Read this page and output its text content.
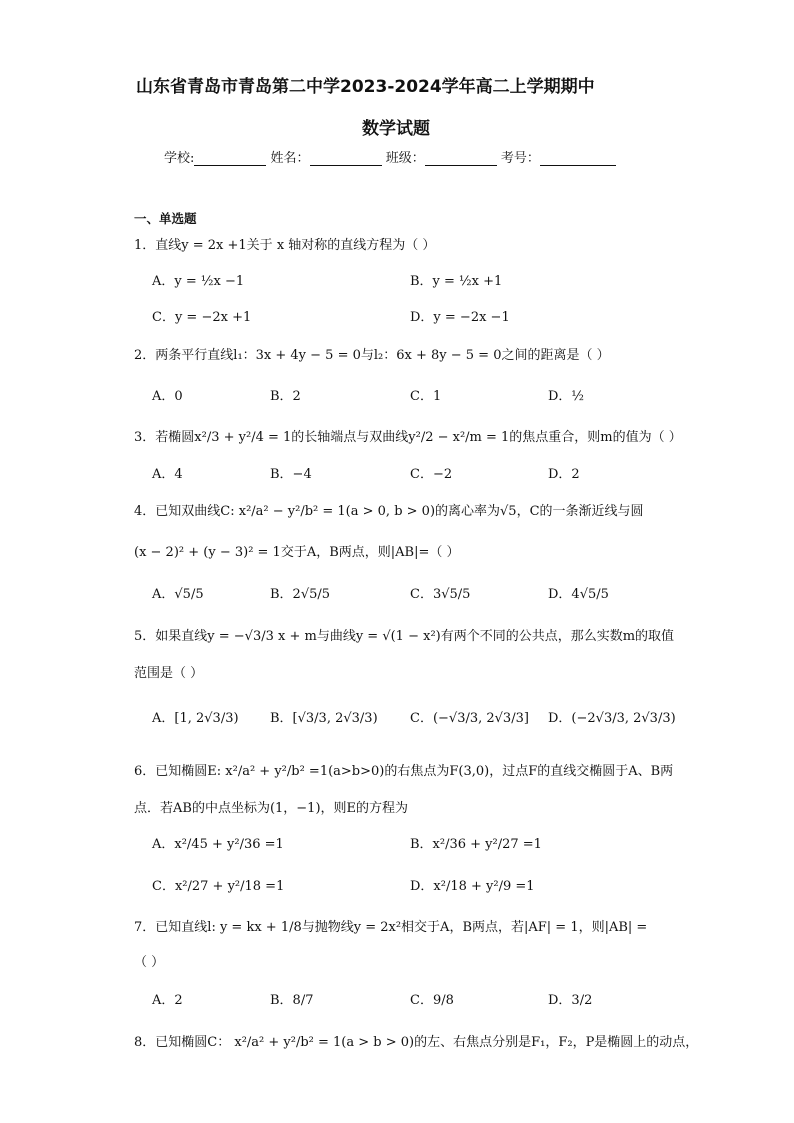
山东省青岛市青岛第二中学2023-2024学年高二上学期期中
数学试题
学校:	姓名：	班级：	考号：
一、单选题
1．直线y = 2x +1关于 x 轴对称的直线方程为（ ）
A．y = ½x −1	B．y = ½x +1
C．y = −2x +1	D．y = −2x −1
2．两条平行直线l₁：3x + 4y − 5 = 0与l₂：6x + 8y − 5 = 0之间的距离是（ ）
A．0	B．2	C．1	D．½
3．若椭圆x²/3 + y²/4 = 1的长轴端点与双曲线y²/2 − x²/m = 1的焦点重合，则m的值为（ ）
A．4	B．−4	C．−2	D．2
4．已知双曲线C: x²/a² − y²/b² = 1(a > 0, b > 0)的离心率为√5，C的一条渐近线与圆
(x − 2)² + (y − 3)² = 1交于A，B两点，则|AB|=（ ）
A．√5/5	B．2√5/5	C．3√5/5	D．4√5/5
5．如果直线y = −√3/3 x + m与曲线y = √(1 − x²)有两个不同的公共点，那么实数m的取值
范围是（ ）
A．[1, 2√3/3) B．[√3/3, 2√3/3) C．(−√3/3, 2√3/3] D．(−2√3/3, 2√3/3)
6．已知椭圆E: x²/a² + y²/b² =1(a>b>0)的右焦点为F(3,0)，过点F的直线交椭圆于A、B两
点．若AB的中点坐标为(1，−1)，则E的方程为
A．x²/45 + y²/36 =1	B．x²/36 + y²/27 =1
C．x²/27 + y²/18 =1	D．x²/18 + y²/9 =1
7．已知直线l: y = kx + 1/8与抛物线y = 2x²相交于A，B两点，若|AF| = 1，则|AB| =
（ ）
A．2	B．8/7	C．9/8	D．3/2
8．已知椭圆C： x²/a² + y²/b² = 1(a > b > 0)的左、右焦点分别是F₁，F₂，P是椭圆上的动点，
